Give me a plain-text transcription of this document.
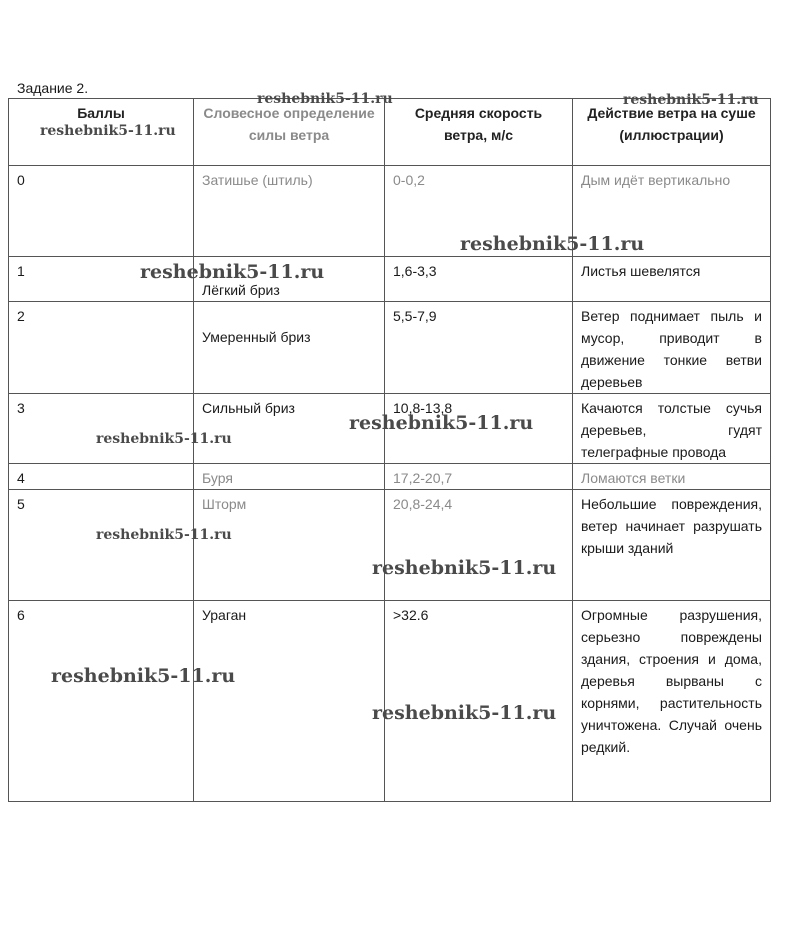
Задание 2.
Баллы	Словесное определение силы ветра	Средняя скорость ветра, м/с	Действие ветра на суше (иллюстрации)
0	Затишье (штиль)	0-0,2	Дым идёт вертикально
1	Лёгкий бриз	1,6-3,3	Листья шевелятся
2	Умеренный бриз	5,5-7,9	Ветер поднимает пыль и мусор, приводит в движение тонкие ветви деревьев
3	Сильный бриз	10,8-13,8	Качаются толстые сучья деревьев, гудят телеграфные провода
4	Буря	17,2-20,7	Ломаются ветки
5	Шторм	20,8-24,4	Небольшие повреждения, ветер начинает разрушать крыши зданий
6	Ураган	>32.6	Огромные разрушения, серьезно повреждены здания, строения и дома, деревья вырваны с корнями, растительность уничтожена. Случай очень редкий.
reshebnik5-11.ru	reshebnik5-11.ru
reshebnik5-11.ru
reshebnik5-11.ru
reshebnik5-11.ru
reshebnik5-11.ru
reshebnik5-11.ru
reshebnik5-11.ru
reshebnik5-11.ru
reshebnik5-11.ru
reshebnik5-11.ru
